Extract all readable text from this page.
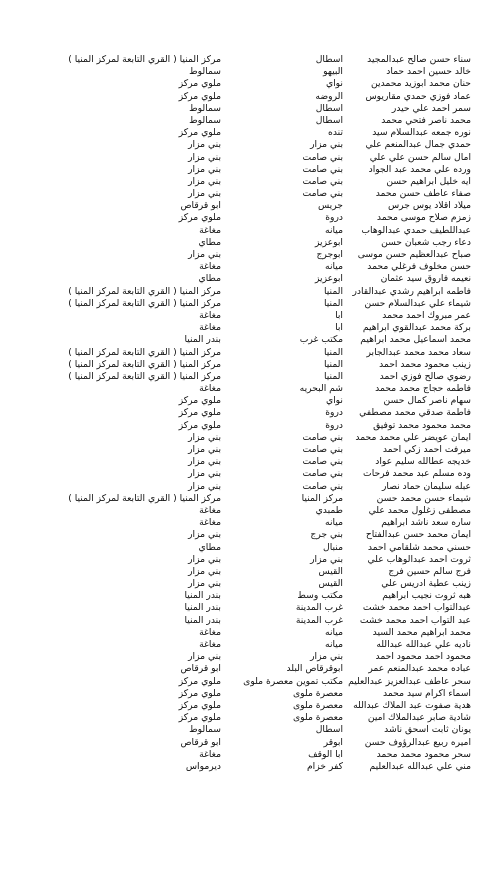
سناء حسن صالح عبدالمجيد
اسطال
مركز المنيا ( القري التابعة لمركز المنيا )
خالد حسين احمد حماد
البيهو
سمالوط
حنان محمد ابوزيد محمدين
نواي
ملوي مركز
عماد فوزي حمدي مقاريوس
الروضه
ملوي مركز
سمر احمد علي حيدر
اسطال
سمالوط
محمد ناصر فتحي محمد
اسطال
سمالوط
نوره جمعه عبدالسلام سيد
تنده
ملوي مركز
حمدي جمال عبدالمنعم علي
بني مزار
بني مزار
امال سالم حسن علي علي
بني صامت
بني مزار
ورده علي محمد عبد الجواد
بني صامت
بني مزار
ايه خليل ابراهيم حسن
بني صامت
بني مزار
صفاء عاطف حسن محمد
بني صامت
بني مزار
ميلاد اقلاد يوس جرس
جريس
ابو قرقاص
زمزم صلاح موسى محمد
دروة
ملوي مركز
عبداللطيف حمدي عبدالوهاب
ميانه
مغاغة
دعاء رجب شعبان حسن
ابوعزيز
مطاي
صباح عبدالعظيم حسن موسى
ابوجرج
بني مزار
حسن مخلوف فرغلي محمد
ميانه
مغاغة
نعيمه فاروق سيد عثمان
ابوعزيز
مطاي
فاطمه ابراهيم رشدي عبدالقادر
المنيا
مركز المنيا ( القري التابعة لمركز المنيا )
شيماء علي عبدالسلام حسن
المنيا
مركز المنيا ( القري التابعة لمركز المنيا )
عمر مبروك احمد محمد
ابا
مغاغة
بركة محمد عبدالقوي ابراهيم
ابا
مغاغة
محمد اسماعيل محمد ابراهيم
مكتب غرب
بندر المنيا
سعاد محمد محمد عبدالجابر
المنيا
مركز المنيا ( القري التابعة لمركز المنيا )
زينب محمود محمد احمد
المنيا
مركز المنيا ( القري التابعة لمركز المنيا )
رضوي صالح فوزي احمد
المنيا
مركز المنيا ( القري التابعة لمركز المنيا )
فاطمه حجاج محمد محمد
شم البحريه
مغاغة
سهام ناصر كمال حسن
نواي
ملوي مركز
فاطمة صدقي محمد مصطفي
دروة
ملوي مركز
محمد محمود محمد توفيق
دروة
ملوي مركز
ايمان عويضر علي محمد محمد
بني صامت
بني مزار
ميرفت احمد زكي احمد
بني صامت
بني مزار
خديجه عطالله سليم عواد
بني صامت
بني مزار
وده مسلم عبد محمد فرحات
بني صامت
بني مزار
عبله سليمان حماد نصار
بني صامت
بني مزار
شيماء حسن محمد حسن
مركز المنيا
مركز المنيا ( القري التابعة لمركز المنيا )
مصطفى زغلول محمد علي
طمبدي
مغاغة
ساره سعد ناشد ابراهيم
ميانه
مغاغة
ايمان محمد حسن عبدالفتاح
بني جرج
بني مزار
حسني محمد شلقامي احمد
منبال
مطاي
ثروت احمد عبدالوهاب علي
بني مزار
بني مزار
فرج سالم حسين فرج
القيس
بني مزار
زينب عطية ادريس علي
القيس
بني مزار
هبه ثروت نجيب ابراهيم
مكتب وسط
بندر المنيا
عبدالتواب احمد محمد خشت
غرب المدينة
بندر المنيا
عبد التواب احمد محمد خشت
غرب المدينة
بندر المنيا
محمد ابراهيم محمد السيد
ميانه
مغاغة
ناديه علي عبدالله عبدالله
ميانه
مغاغة
محمود احمد محمود احمد
بني مزار
بني مزار
عباده محمد عبدالمنعم عمر
ابوقرقاص البلد
ابو قرقاص
سحر عاطف عبدالعزيز عبدالعليم
مكتب تموين معصرة ملوى
ملوي مركز
اسماء اكرام سيد محمد
معصرة ملوى
ملوي مركز
هدية صفوت عبد الملاك عبدالله
معصرة ملوى
ملوي مركز
شادية صابر عبدالملاك امين
معصرة ملوى
ملوي مركز
يونان ثابت اسحق ناشد
اسطال
سمالوط
اميره ربيع عبدالرؤوف حسن
ابوقر
ابو قرقاص
سحر محمود محمد محمد
ابا الوقف
مغاغة
مني علي عبدالله عبدالعليم
كفر خزام
ديرمواس
